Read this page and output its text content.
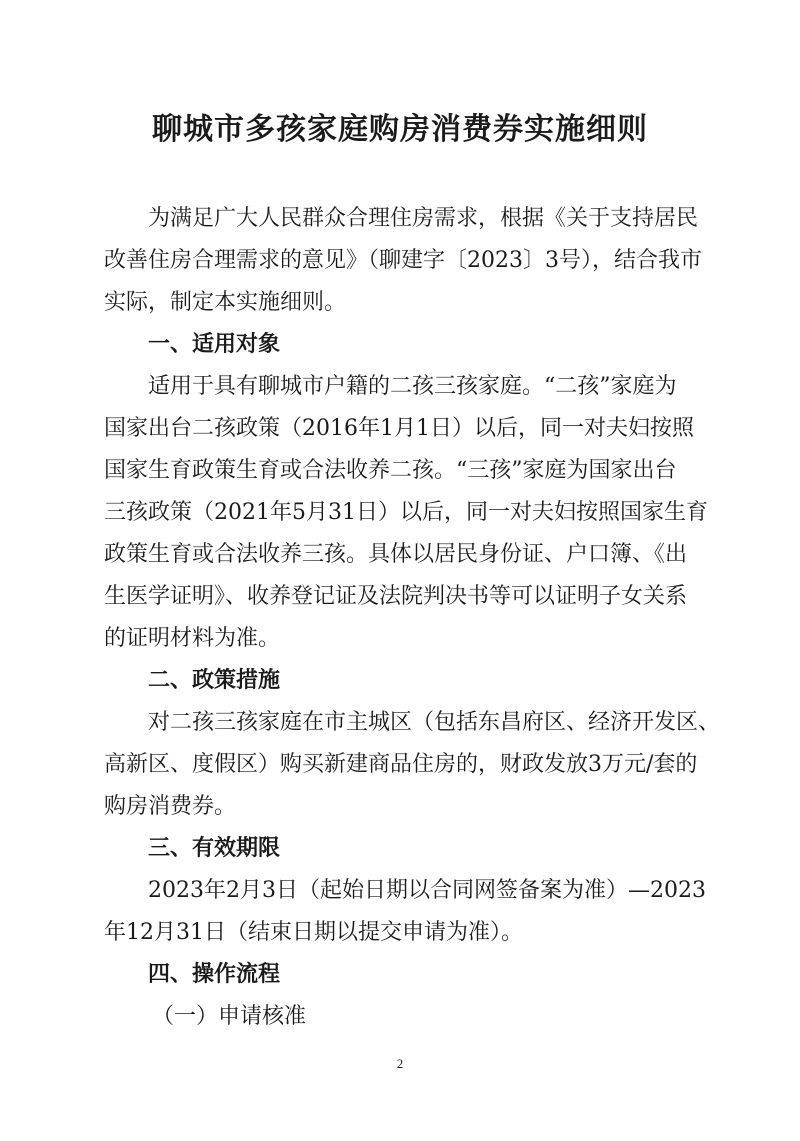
聊城市多孩家庭购房消费券实施细则

为满足广大人民群众合理住房需求，根据《关于支持居民

改善住房合理需求的意见》（聊建字〔2023〕3号），结合我市

实际，制定本实施细则。

一、适用对象

适用于具有聊城市户籍的二孩三孩家庭。“二孩”家庭为

国家出台二孩政策（2016年1月1日）以后，同一对夫妇按照

国家生育政策生育或合法收养二孩。“三孩”家庭为国家出台

三孩政策（2021年5月31日）以后，同一对夫妇按照国家生育

政策生育或合法收养三孩。具体以居民身份证、户口簿、《出

生医学证明》、收养登记证及法院判决书等可以证明子女关系

的证明材料为准。

二、政策措施

对二孩三孩家庭在市主城区（包括东昌府区、经济开发区、

高新区、度假区）购买新建商品住房的，财政发放3万元/套的

购房消费券。

三、有效期限

2023年2月3日（起始日期以合同网签备案为准）—2023

年12月31日（结束日期以提交申请为准）。

四、操作流程

（一）申请核准

2
